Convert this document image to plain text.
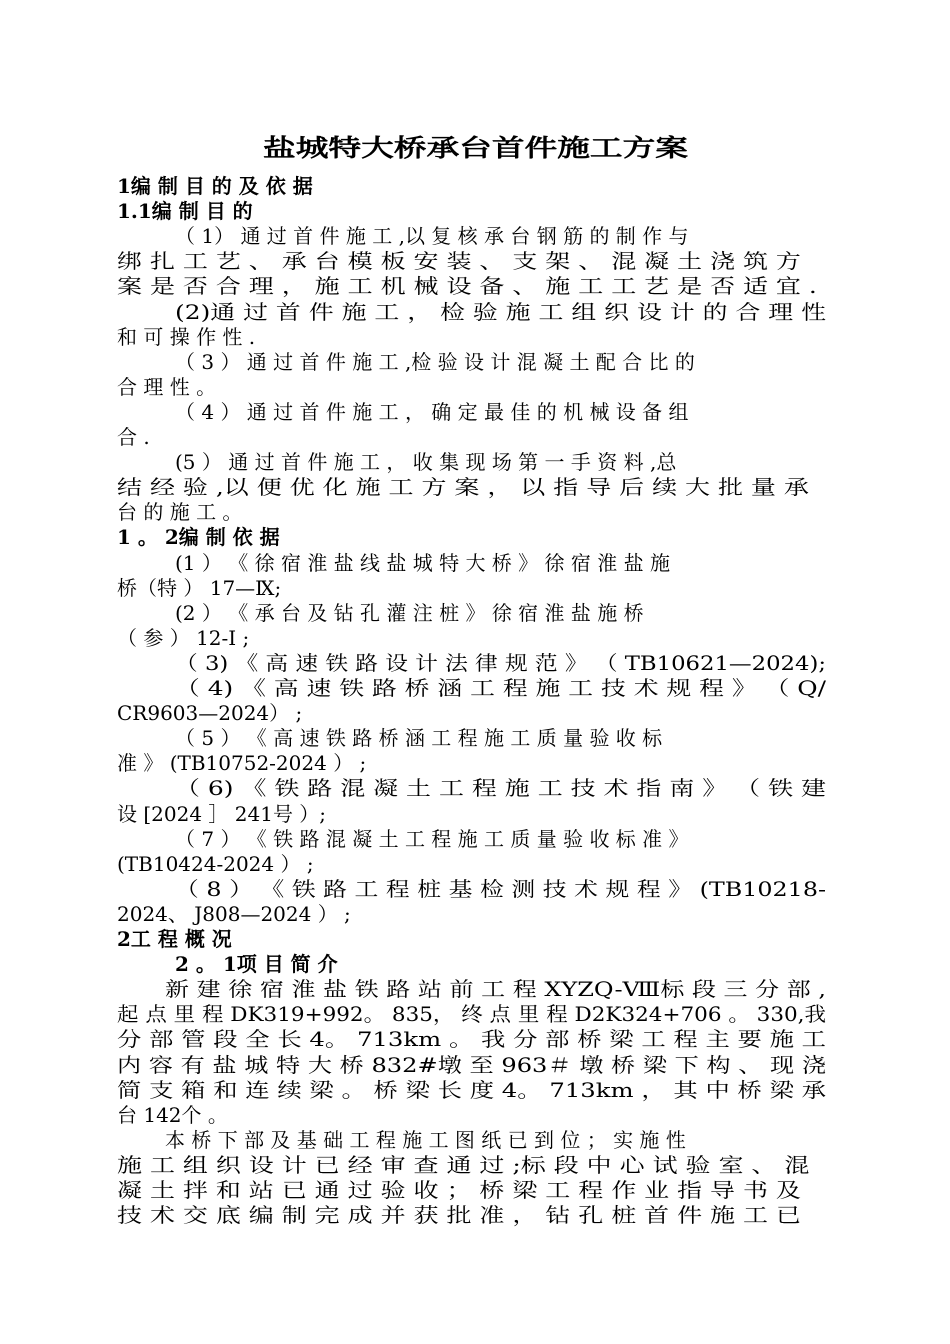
盐城特大桥承台首件施工方案
1编 制 目 的 及 依 据
1.1编 制 目 的
（ 1） 通 过 首 件 施 工 ,以 复 核 承 台 钢 筋 的 制 作 与
绑 扎 工 艺 、 承 台 模 板 安 装 、 支 架 、 混 凝 土 浇 筑 方
案 是 否 合 理 ， 施 工 机 械 设 备 、 施 工 工 艺 是 否 适 宜 .
(2)通 过 首 件 施 工 ， 检 验 施 工 组 织 设 计 的 合 理 性
和 可 操 作 性 .
（ 3 ） 通 过 首 件 施 工 ,检 验 设 计 混 凝 土 配 合 比 的
合 理 性 。
（ 4 ） 通 过 首 件 施 工 ， 确 定 最 佳 的 机 械 设 备 组
合 .
(5 ） 通 过 首 件 施 工 ， 收 集 现 场 第 一 手 资 料 ,总
结 经 验 ,以 便 优 化 施 工 方 案 ， 以 指 导 后 续 大 批 量 承
台 的 施 工 。
1 。 2编 制 依 据
(1 ） 《 徐 宿 淮 盐 线 盐 城 特 大 桥 》 徐 宿 淮 盐 施
桥（特 ） 17—Ⅸ;
(2 ） 《 承 台 及 钻 孔 灌 注 桩 》 徐 宿 淮 盐 施 桥
（ 参 ） 12-Ⅰ ;
（ 3) 《 高 速 铁 路 设 计 法 律 规 范 》 （ TB10621—2024);
（ 4) 《 高 速 铁 路 桥 涵 工 程 施 工 技 术 规 程 》 （ Q/
CR9603—2024） ;
（ 5 ） 《 高 速 铁 路 桥 涵 工 程 施 工 质 量 验 收 标
准 》 (TB10752-2024 ） ;
（ 6) 《 铁 路 混 凝 土 工 程 施 工 技 术 指 南 》 （ 铁 建
设 [2024 ］ 241号 ）;
（ 7 ） 《 铁 路 混 凝 土 工 程 施 工 质 量 验 收 标 准 》
(TB10424-2024 ） ;
（ 8 ） 《 铁 路 工 程 桩 基 检 测 技 术 规 程 》 (TB10218-
2024、 J808—2024 ） ;
2工 程 概 况
2 。 1项 目 简 介
新 建 徐 宿 淮 盐 铁 路 站 前 工 程 XYZQ-Ⅷ标 段 三 分 部 ,
起 点 里 程 DK319+992。 835， 终 点 里 程 D2K324+706 。 330,我
分 部 管 段 全 长 4。 713km 。 我 分 部 桥 梁 工 程 主 要 施 工
内 容 有 盐 城 特 大 桥 832#墩 至 963＃ 墩 桥 梁 下 构 、 现 浇
简 支 箱 和 连 续 梁 。 桥 梁 长 度 4。 713km ， 其 中 桥 梁 承
台 142个 。
本 桥 下 部 及 基 础 工 程 施 工 图 纸 已 到 位 ； 实 施 性
施 工 组 织 设 计 已 经 审 查 通 过 ;标 段 中 心 试 验 室 、 混
凝 土 拌 和 站 已 通 过 验 收 ； 桥 梁 工 程 作 业 指 导 书 及
技 术 交 底 编 制 完 成 并 获 批 准 ， 钻 孔 桩 首 件 施 工 已
